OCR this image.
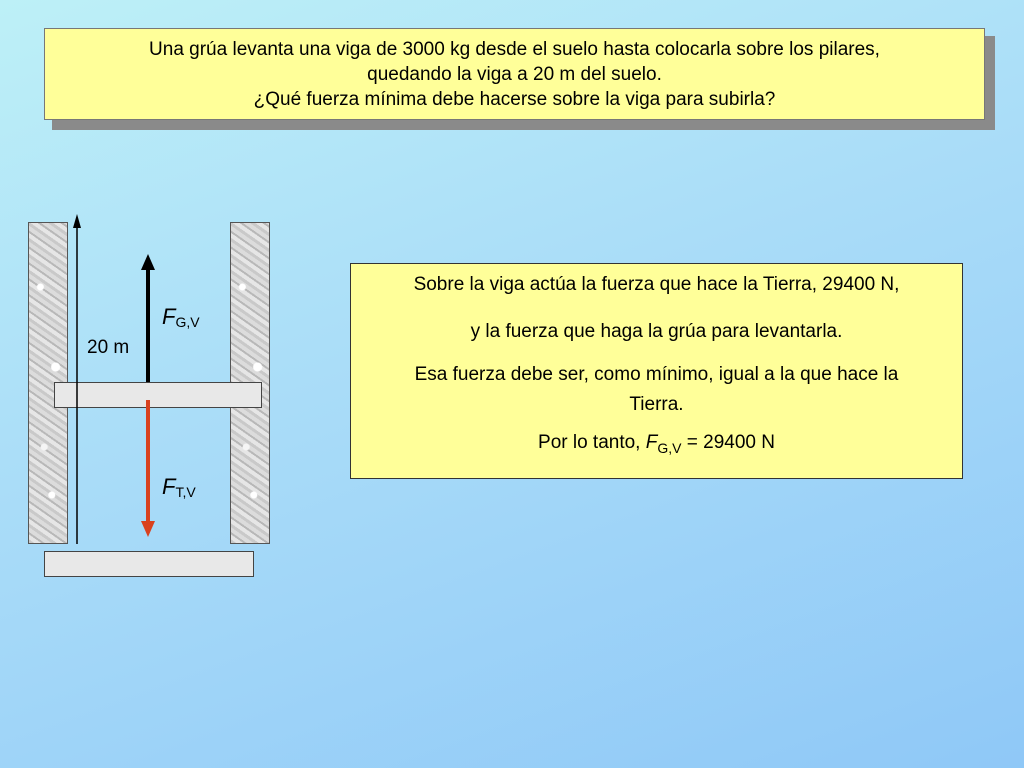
Una grúa levanta una viga de 3000 kg desde el suelo hasta colocarla sobre los pilares,
quedando la viga a 20 m del suelo.
¿Qué fuerza mínima debe hacerse sobre la viga para subirla?
20 m
$F_{G,V}$
$F_{T,V}$

Sobre la viga actúa la fuerza que hace la Tierra, 29400 N,

y la fuerza que haga la grúa para levantarla.

Esa fuerza debe ser, como mínimo, igual a la que hace la

Tierra.

Por lo tanto, $F_{G,V} = 29400$ N
